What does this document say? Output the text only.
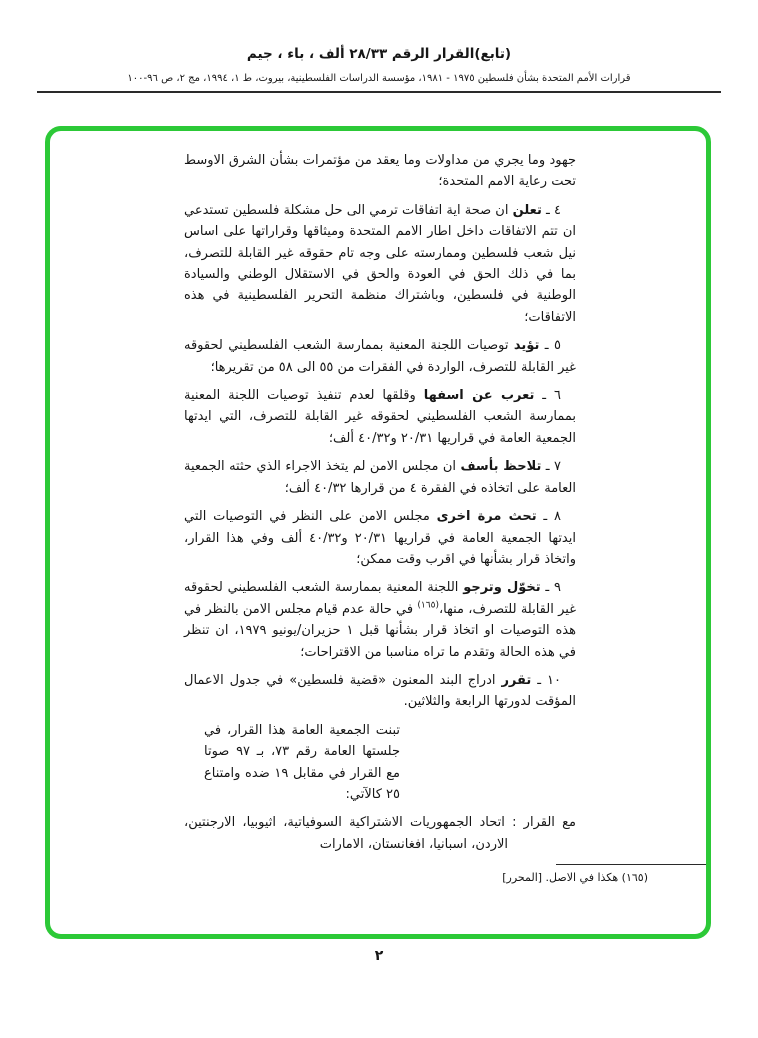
(تابع)القرار الرقم ٢٨/٣٣ ألف ، باء ، جيم
قرارات الأمم المتحدة بشأن فلسطين ١٩٧٥ - ١٩٨١، مؤسسة الدراسات الفلسطينية، بيروت، ط ١، ١٩٩٤، مج ٢، ص ٩٦-١٠٠

جهود وما يجري من مداولات وما يعقد من مؤتمرات بشأن الشرق الاوسط تحت رعاية الامم المتحدة؛

٤ ـ تعلن ان صحة اية اتفاقات ترمي الى حل مشكلة فلسطين تستدعي ان تتم الاتفاقات داخل اطار الامم المتحدة وميثاقها وقراراتها على اساس نيل شعب فلسطين وممارسته على وجه تام حقوقه غير القابلة للتصرف، بما في ذلك الحق في العودة والحق في الاستقلال الوطني والسيادة الوطنية في فلسطين، وباشتراك منظمة التحرير الفلسطينية في هذه الاتفاقات؛

٥ ـ تؤيد توصيات اللجنة المعنية بممارسة الشعب الفلسطيني لحقوقه غير القابلة للتصرف، الواردة في الفقرات من ٥٥ الى ٥٨ من تقريرها؛

٦ ـ تعرب عن اسفها وقلقها لعدم تنفيذ توصيات اللجنة المعنية بممارسة الشعب الفلسطيني لحقوقه غير القابلة للتصرف، التي ايدتها الجمعية العامة في قراريها ٢٠/٣١ و٤٠/٣٢ ألف؛

٧ ـ تلاحظ بأسف ان مجلس الامن لم يتخذ الاجراء الذي حثته الجمعية العامة على اتخاذه في الفقرة ٤ من قرارها ٤٠/٣٢ ألف؛

٨ ـ تحث مرة اخرى مجلس الامن على النظر في التوصيات التي ايدتها الجمعية العامة في قراريها ٢٠/٣١ و٤٠/٣٢ ألف وفي هذا القرار، واتخاذ قرار بشأنها في اقرب وقت ممكن؛

٩ ـ تخوّل وترجو اللجنة المعنية بممارسة الشعب الفلسطيني لحقوقه غير القابلة للتصرف، منها،$^{(١٦٥)}$ في حالة عدم قيام مجلس الامن بالنظر في هذه التوصيات او اتخاذ قرار بشأنها قبل ١ حزيران/يونيو ١٩٧٩، ان تنظر في هذه الحالة وتقدم ما تراه مناسبا من الاقتراحات؛

١٠ ـ تقرر ادراج البند المعنون «قضية فلسطين» في جدول الاعمال المؤقت لدورتها الرابعة والثلاثين.

تبنت الجمعية العامة هذا القرار، في جلستها العامة رقم ٧٣، بـ ٩٧ صوتا مع القرار في مقابل ١٩ ضده وامتناع ٢٥ كالآتي:

مع القرار : اتحاد الجمهوريات الاشتراكية السوفياتية، اثيوبيا، الارجنتين، الاردن، اسبانيا، افغانستان، الامارات

(١٦٥) هكذا في الاصل. [المحرر]
٢
